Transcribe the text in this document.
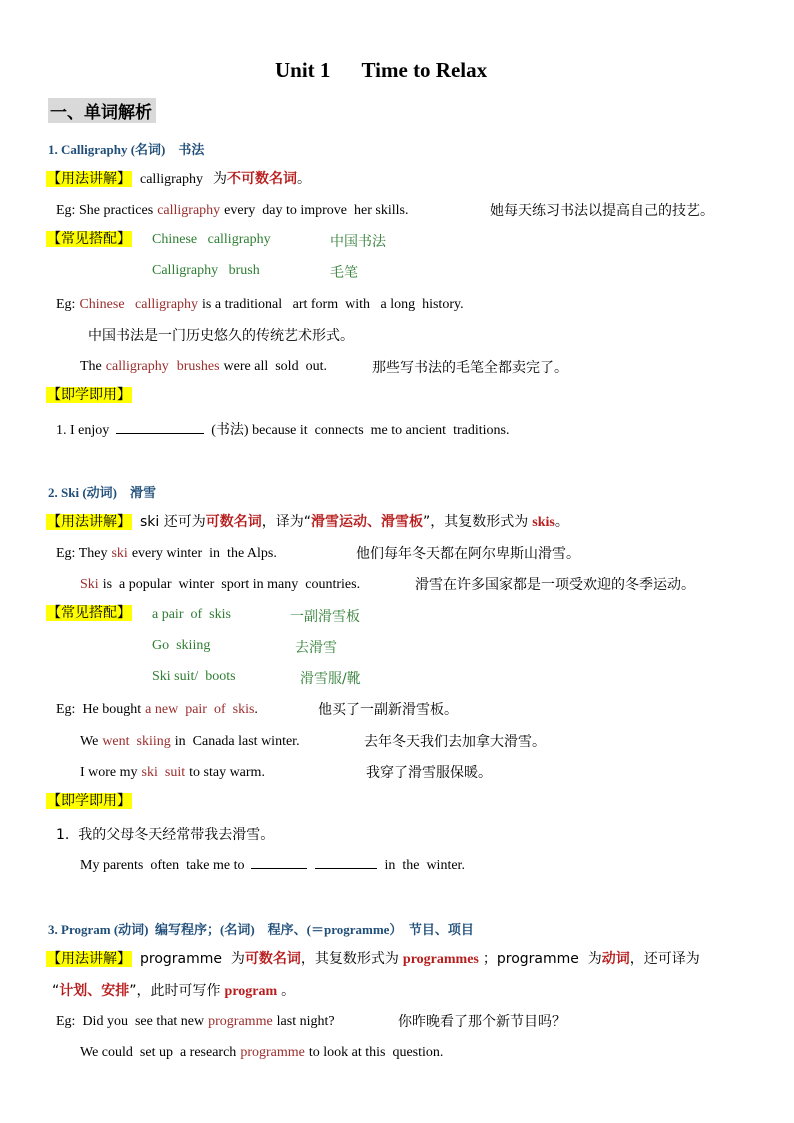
Unit 1      Time to Relax
一、单词解析
1. Calligraphy (名词)    书法
【用法讲解】 calligraphy 为不可数名词。
Eg: She practices calligraphy every  day to improve  her skills.	她每天练习书法以提高自己的技艺。
【常见搭配】 Chinese   calligraphy	中国书法
Calligraphy   brush	毛笔
Eg: Chinese   calligraphy is a traditional   art form  with   a long  history.
中国书法是一门历史悠久的传统艺术形式。
The calligraphy brushes were all  sold  out.	那些写书法的毛笔全都卖完了。
【即学即用】
1. I enjoy	(书法) because it  connects  me to ancient  traditions.
2. Ski (动词)    滑雪
【用法讲解】 ski 还可为可数名词，译为“滑雪运动、滑雪板”，其复数形式为 skis。
Eg: They ski every winter  in  the Alps.	他们每年冬天都在阿尔卑斯山滑雪。
Ski is  a popular  winter  sport in many  countries.	滑雪在许多国家都是一项受欢迎的冬季运动。
【常见搭配】 a pair  of  skis	一副滑雪板
Go  skiing	去滑雪
Ski suit/  boots	滑雪服/靴
Eg:  He bought a new  pair  of  skis.	他买了一副新滑雪板。
We went  skiing in  Canada last winter.	去年冬天我们去加拿大滑雪。
I wore my ski  suit to stay warm.	我穿了滑雪服保暖。
【即学即用】
1.  我的父母冬天经常带我去滑雪。
My parents  often  take me to	in  the  winter.
3. Program (动词)  编写程序；(名词)    程序、(＝programme）  节目、项目
【用法讲解】 programme  为可数名词，其复数形式为 programmes ；programme  为动词，还可译为
“计划、安排”，此时可写作 program 。
Eg:  Did you  see that new programme last night?	你昨晚看了那个新节目吗？
We could  set up  a research programme to look at this  question.
